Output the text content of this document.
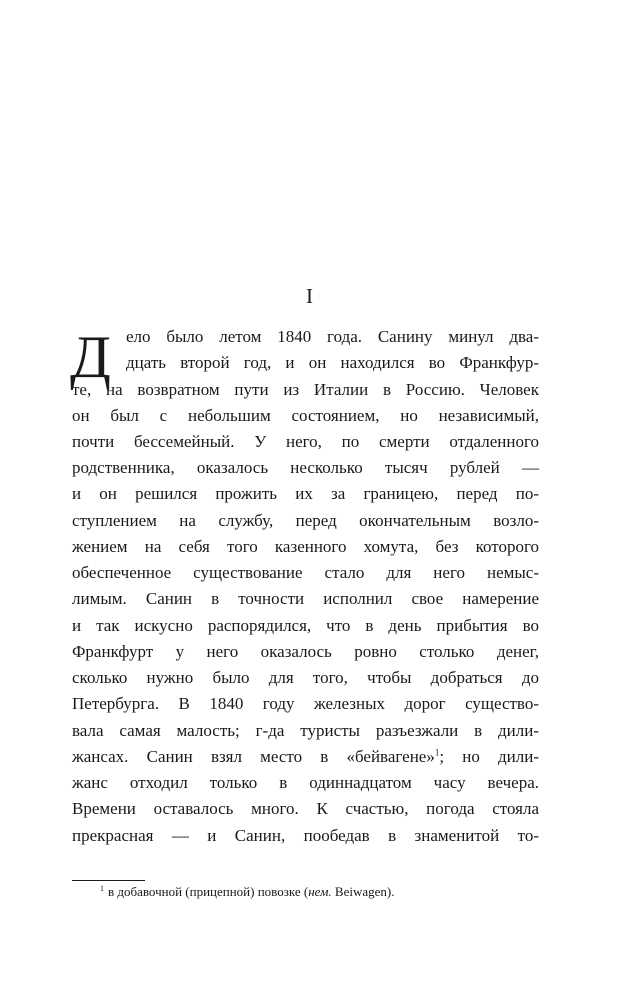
I
Д ело было летом 1840 года. Санину минул два-
дцать второй год, и он находился во Франкфур-
те, на возвратном пути из Италии в Россию. Человек
он был с небольшим состоянием, но независимый,
почти бессемейный. У него, по смерти отдаленного
родственника, оказалось несколько тысяч рублей —
и он решился прожить их за границею, перед по-
ступлением на службу, перед окончательным возло-
жением на себя того казенного хомута, без которого
обеспеченное существование стало для него немыс-
лимым. Санин в точности исполнил свое намерение
и так искусно распорядился, что в день прибытия во
Франкфурт у него оказалось ровно столько денег,
сколько нужно было для того, чтобы добраться до
Петербурга. В 1840 году железных дорог существо-
вала самая малость; г-да туристы разъезжали в дили-
жансах. Санин взял место в «бейвагене»$^1$; но дили-
жанс отходил только в одиннадцатом часу вечера.
Времени оставалось много. К счастью, погода стояла
прекрасная — и Санин, пообедав в знаменитой то-
$^1$ в добавочной (прицепной) повозке (нем. Beiwagen).
